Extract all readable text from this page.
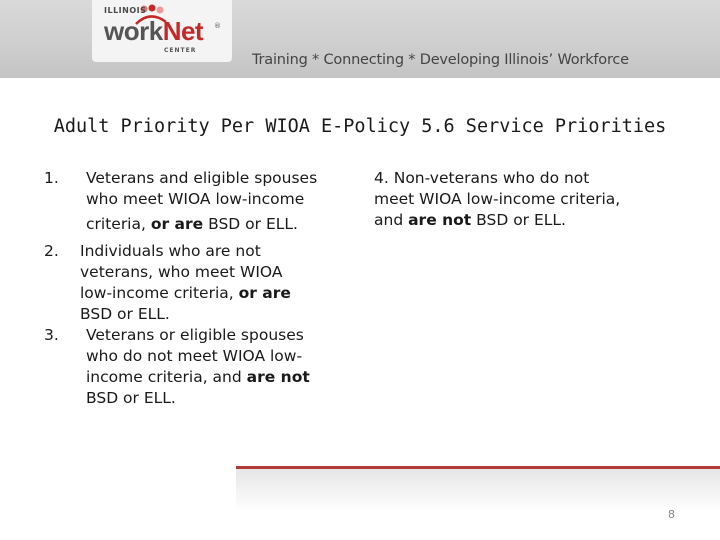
ILLINOIS
workNet ®
CENTER
Training * Connecting * Developing Illinois’ Workforce
Adult Priority Per WIOA E-Policy 5.6 Service Priorities
1. Veterans and eligible spouses
who meet WIOA low-income
criteria, or are BSD or ELL.
2. Individuals who are not
veterans, who meet WIOA
low-income criteria, or are
BSD or ELL.
3. Veterans or eligible spouses
who do not meet WIOA low-
income criteria, and are not
BSD or ELL.
4. Non-veterans who do not
meet WIOA low-income criteria,
and are not BSD or ELL.
8
